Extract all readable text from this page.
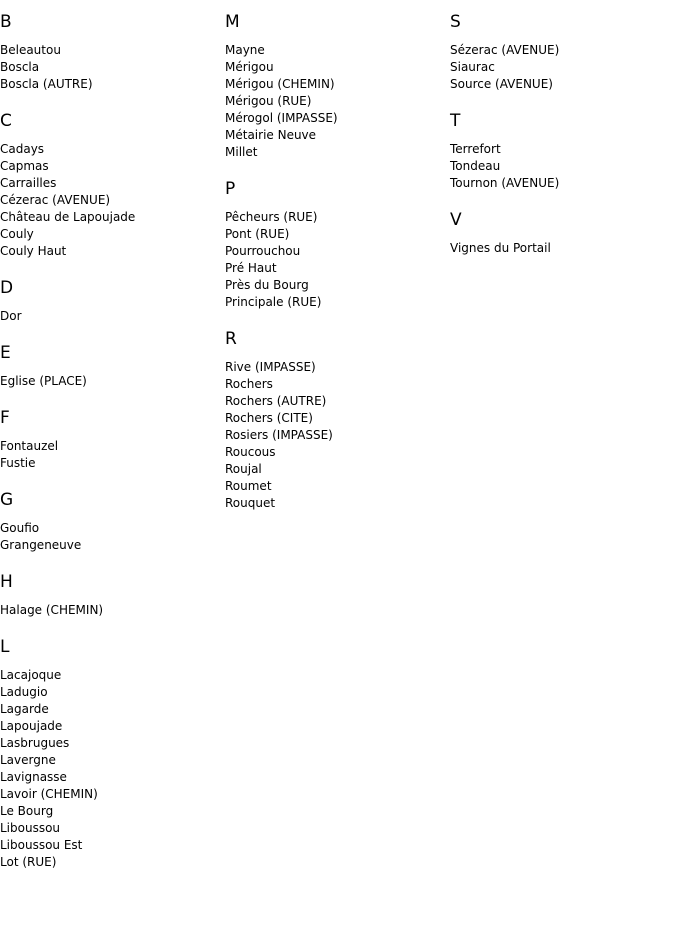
B
Beleautou
Boscla
Boscla (AUTRE)
C
Cadays
Capmas
Carrailles
Cézerac (AVENUE)
Château de Lapoujade
Couly
Couly Haut
D
Dor
E
Eglise (PLACE)
F
Fontauzel
Fustie
G
Goufio
Grangeneuve
H
Halage (CHEMIN)
L
Lacajoque
Ladugio
Lagarde
Lapoujade
Lasbrugues
Lavergne
Lavignasse
Lavoir (CHEMIN)
Le Bourg
Liboussou
Liboussou Est
Lot (RUE)
M
Mayne
Mérigou
Mérigou (CHEMIN)
Mérigou (RUE)
Mérogol (IMPASSE)
Métairie Neuve
Millet
P
Pêcheurs (RUE)
Pont (RUE)
Pourrouchou
Pré Haut
Près du Bourg
Principale (RUE)
R
Rive (IMPASSE)
Rochers
Rochers (AUTRE)
Rochers (CITE)
Rosiers (IMPASSE)
Roucous
Roujal
Roumet
Rouquet
S
Sézerac (AVENUE)
Siaurac
Source (AVENUE)
T
Terrefort
Tondeau
Tournon (AVENUE)
V
Vignes du Portail
